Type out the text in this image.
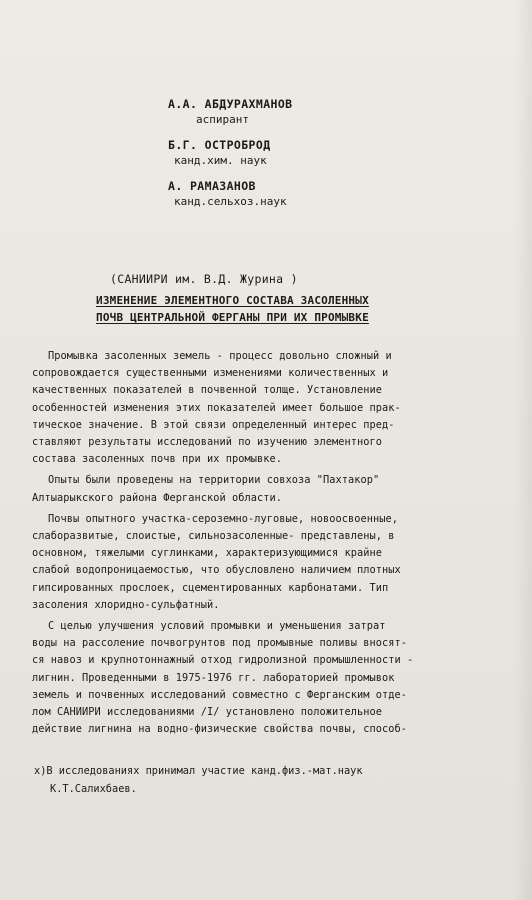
А.А. АБДУРАХМАНОВ
аспирант
Б.Г. ОСТРОБРОД
канд.хим. наук
А. РАМАЗАНОВ
канд.сельхоз.наук
(САНИИРИ им. В.Д. Журина )
ИЗМЕНЕНИЕ ЭЛЕМЕНТНОГО СОСТАВА ЗАСОЛЕННЫХ
ПОЧВ ЦЕНТРАЛЬНОЙ ФЕРГАНЫ ПРИ ИХ ПРОМЫВКЕ
Промывка засоленных земель - процесс довольно сложный и
сопровождается существенными изменениями количественных и
качественных показателей в почвенной толще. Установление
особенностей изменения этих показателей имеет большое прак-
тическое значение. В этой связи определенный интерес пред-
ставляют результаты исследований по изучению элементного
состава засоленных почв при их промывке.
Опыты были проведены на территории совхоза "Пахтакор"
Алтыарыкского района Ферганской области.
Почвы опытного участка-сероземно-луговые, новоосвоенные,
слаборазвитые, слоистые, сильнозасоленные- представлены, в
основном, тяжелыми суглинками, характеризующимися крайне
слабой водопроницаемостью, что обусловлено наличием плотных
гипсированных прослоек, сцементированных карбонатами. Тип
засоления хлоридно-сульфатный.
С целью улучшения условий промывки и уменьшения затрат
воды на рассоление почвогрунтов под промывные поливы вносят-
ся навоз и крупнотоннажный отход гидролизной промышленности -
лигнин. Проведенными в 1975-1976 гг. лабораторией промывок
земель и почвенных исследований совместно с Ферганским отде-
лом САНИИРИ исследованиями /I/ установлено положительное
действие лигнина на водно-физические свойства почвы, способ-
х)В исследованиях принимал участие канд.физ.-мат.наук
К.Т.Салихбаев.
